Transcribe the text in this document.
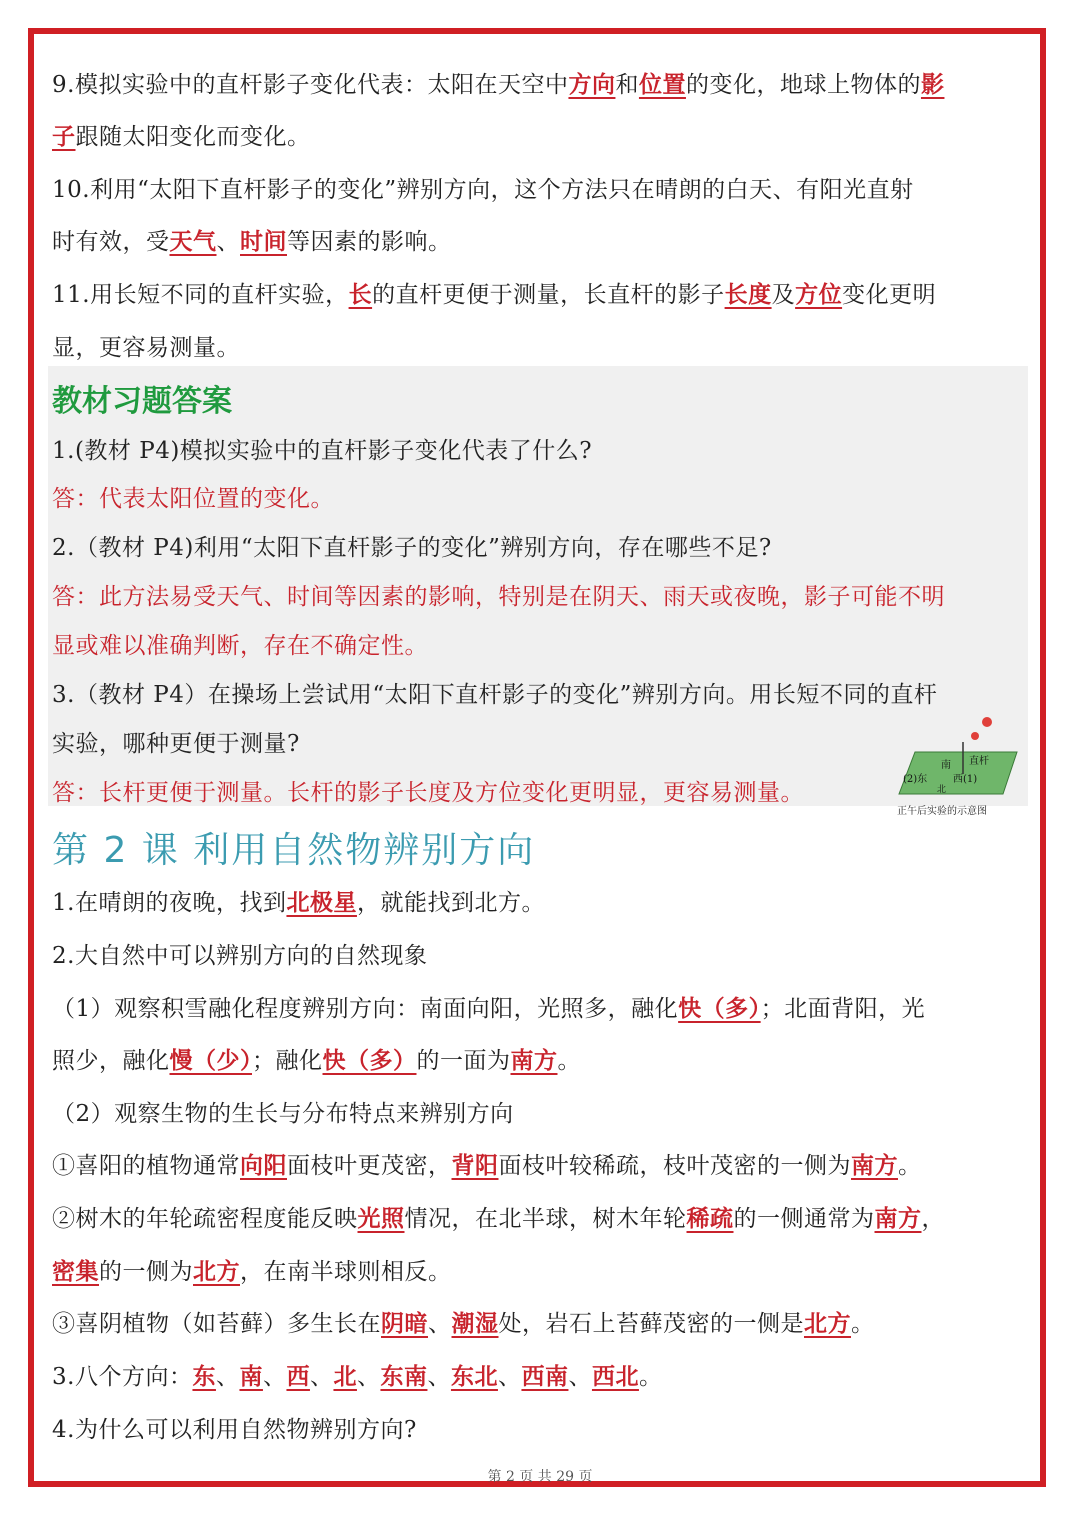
9.模拟实验中的直杆影子变化代表：太阳在天空中方向和位置的变化，地球上物体的影
子跟随太阳变化而变化。
10.利用“太阳下直杆影子的变化”辨别方向，这个方法只在晴朗的白天、有阳光直射
时有效，受天气、时间等因素的影响。
11.用长短不同的直杆实验，长的直杆更便于测量，长直杆的影子长度及方位变化更明
显，更容易测量。
教材习题答案
1.(教材 P4)模拟实验中的直杆影子变化代表了什么?
答：代表太阳位置的变化。
2.（教材 P4)利用“太阳下直杆影子的变化”辨别方向，存在哪些不足?
答：此方法易受天气、时间等因素的影响，特别是在阴天、雨天或夜晚，影子可能不明
显或难以准确判断，存在不确定性。
3.（教材 P4）在操场上尝试用“太阳下直杆影子的变化”辨别方向。用长短不同的直杆
实验，哪种更便于测量?
答：长杆更便于测量。长杆的影子长度及方位变化更明显，更容易测量。
南 直杆
(2)东	西(1)
北
正午后实验的示意图
第 2 课 利用自然物辨别方向
1.在晴朗的夜晚，找到北极星，就能找到北方。
2.大自然中可以辨别方向的自然现象
（1）观察积雪融化程度辨别方向：南面向阳，光照多，融化快（多）；北面背阳，光
照少，融化慢（少）；融化快（多）的一面为南方。
（2）观察生物的生长与分布特点来辨别方向
①喜阳的植物通常向阳面枝叶更茂密，背阳面枝叶较稀疏，枝叶茂密的一侧为南方。
②树木的年轮疏密程度能反映光照情况，在北半球，树木年轮稀疏的一侧通常为南方，
密集的一侧为北方，在南半球则相反。
③喜阴植物（如苔藓）多生长在阴暗、潮湿处，岩石上苔藓茂密的一侧是北方。
3.八个方向：东、南、西、北、东南、东北、西南、西北。
4.为什么可以利用自然物辨别方向?
第 2 页 共 29 页
